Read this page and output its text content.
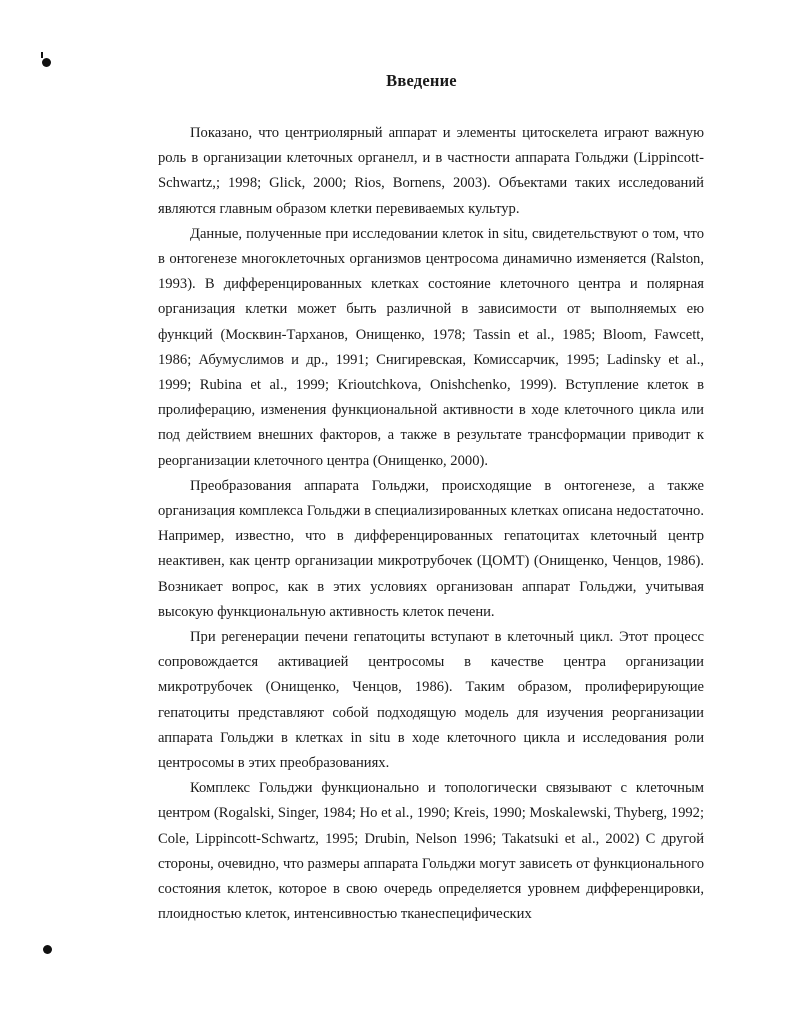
Введение

Показано, что центриолярный аппарат и элементы цитоскелета играют важную роль в организации клеточных органелл, и в частности аппарата Гольджи (Lippincott-Schwartz,; 1998; Glick, 2000; Rios, Bornens, 2003). Объектами таких исследований являются главным образом клетки перевиваемых культур.

Данные, полученные при исследовании клеток in situ, свидетельствуют о том, что в онтогенезе многоклеточных организмов центросома динамично изменяется (Ralston, 1993). В дифференцированных клетках состояние клеточного центра и полярная организация клетки может быть различной в зависимости от выполняемых ею функций (Москвин-Тарханов, Онищенко, 1978; Tassin et al., 1985; Bloom, Fawcett, 1986; Абумуслимов и др., 1991; Снигиревская, Комиссарчик, 1995; Ladinsky et al., 1999; Rubina et al., 1999; Krioutchkova, Onishchenko, 1999). Вступление клеток в пролиферацию, изменения функциональной активности в ходе клеточного цикла или под действием внешних факторов, а также в результате трансформации приводит к реорганизации клеточного центра (Онищенко, 2000).

Преобразования аппарата Гольджи, происходящие в онтогенезе, а также организация комплекса Гольджи в специализированных клетках описана недостаточно. Например, известно, что в дифференцированных гепатоцитах клеточный центр неактивен, как центр организации микротрубочек (ЦОМТ) (Онищенко, Ченцов, 1986). Возникает вопрос, как в этих условиях организован аппарат Гольджи, учитывая высокую функциональную активность клеток печени.

При регенерации печени гепатоциты вступают в клеточный цикл. Этот процесс сопровождается активацией центросомы в качестве центра организации микротрубочек (Онищенко, Ченцов, 1986). Таким образом, пролиферирующие гепатоциты представляют собой подходящую модель для изучения реорганизации аппарата Гольджи в клетках in situ в ходе клеточного цикла и исследования роли центросомы в этих преобразованиях.

Комплекс Гольджи функционально и топологически связывают с клеточным центром (Rogalski, Singer, 1984; Ho et al., 1990; Kreis, 1990; Moskalewski, Thyberg, 1992; Cole, Lippincott-Schwartz, 1995; Drubin, Nelson 1996; Takatsuki et al., 2002) С другой стороны, очевидно, что размеры аппарата Гольджи могут зависеть от функционального состояния клеток, которое в свою очередь определяется уровнем дифференцировки, плоидностью клеток, интенсивностью тканеспецифических
